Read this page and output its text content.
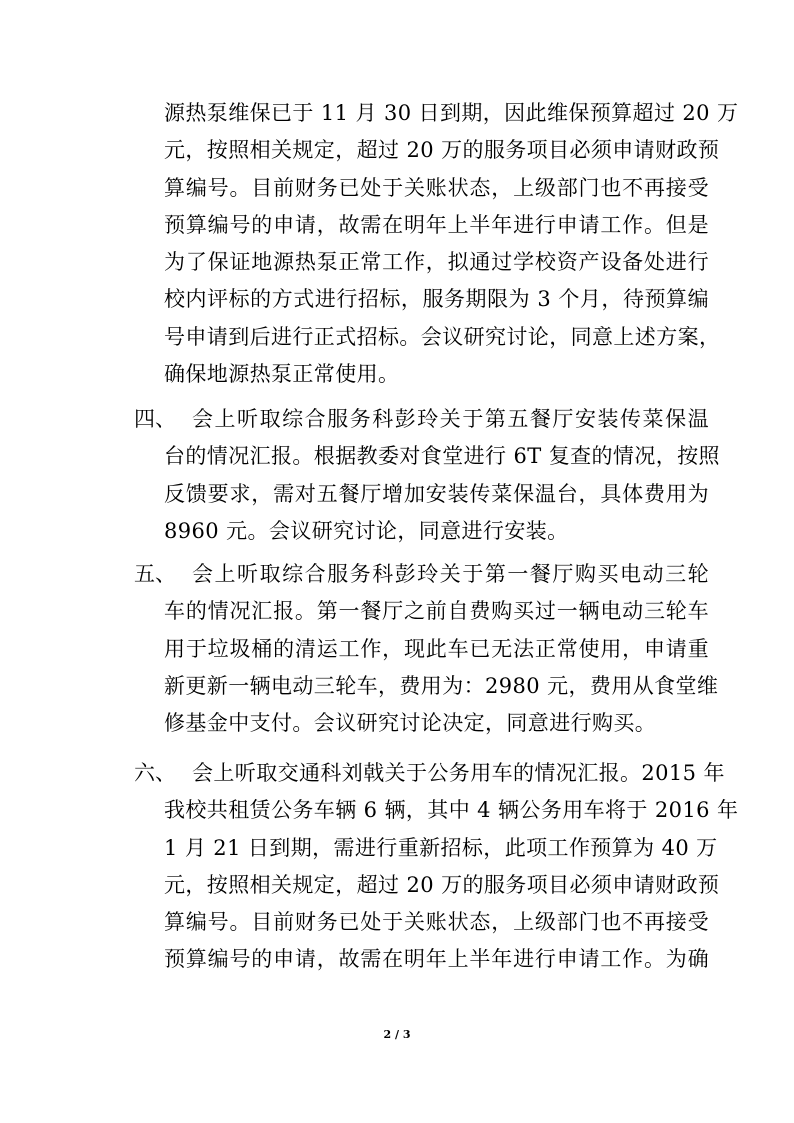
源热泵维保已于 11 月 30 日到期，因此维保预算超过 20 万
元，按照相关规定，超过 20 万的服务项目必须申请财政预
算编号。目前财务已处于关账状态，上级部门也不再接受
预算编号的申请，故需在明年上半年进行申请工作。但是
为了保证地源热泵正常工作，拟通过学校资产设备处进行
校内评标的方式进行招标，服务期限为 3 个月，待预算编
号申请到后进行正式招标。会议研究讨论，同意上述方案，
确保地源热泵正常使用。
四、 会上听取综合服务科彭玲关于第五餐厅安装传菜保温
台的情况汇报。根据教委对食堂进行 6T 复查的情况，按照
反馈要求，需对五餐厅增加安装传菜保温台，具体费用为
8960 元。会议研究讨论，同意进行安装。
五、 会上听取综合服务科彭玲关于第一餐厅购买电动三轮
车的情况汇报。第一餐厅之前自费购买过一辆电动三轮车
用于垃圾桶的清运工作，现此车已无法正常使用，申请重
新更新一辆电动三轮车，费用为：2980 元，费用从食堂维
修基金中支付。会议研究讨论决定，同意进行购买。
六、 会上听取交通科刘戟关于公务用车的情况汇报。2015 年
我校共租赁公务车辆 6 辆，其中 4 辆公务用车将于 2016 年
1 月 21 日到期，需进行重新招标，此项工作预算为 40 万
元，按照相关规定，超过 20 万的服务项目必须申请财政预
算编号。目前财务已处于关账状态，上级部门也不再接受
预算编号的申请，故需在明年上半年进行申请工作。为确
2 / 3
